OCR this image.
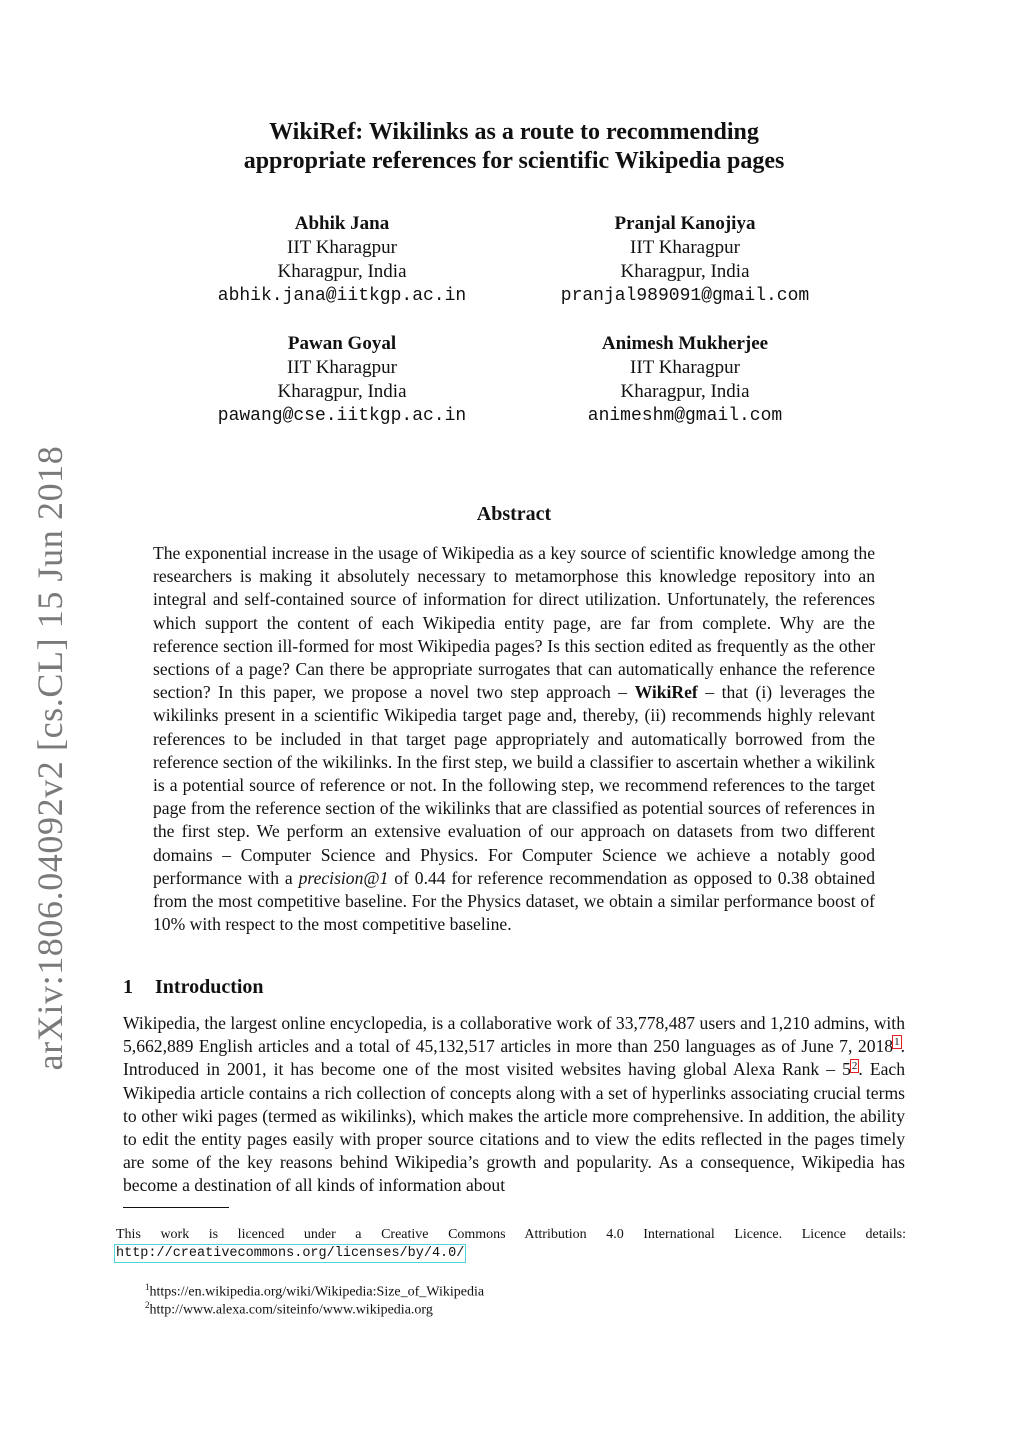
arXiv:1806.04092v2 [cs.CL] 15 Jun 2018
WikiRef: Wikilinks as a route to recommending
appropriate references for scientific Wikipedia pages
Abhik Jana
IIT Kharagpur
Kharagpur, India
abhik.jana@iitkgp.ac.in
Pranjal Kanojiya
IIT Kharagpur
Kharagpur, India
pranjal989091@gmail.com
Pawan Goyal
IIT Kharagpur
Kharagpur, India
pawang@cse.iitkgp.ac.in
Animesh Mukherjee
IIT Kharagpur
Kharagpur, India
animeshm@gmail.com
Abstract
The exponential increase in the usage of Wikipedia as a key source of scientific knowledge among the researchers is making it absolutely necessary to metamorphose this knowledge repository into an integral and self-contained source of information for direct utilization. Unfortunately, the references which support the content of each Wikipedia entity page, are far from complete. Why are the reference section ill-formed for most Wikipedia pages? Is this section edited as frequently as the other sections of a page? Can there be appropriate surrogates that can automatically enhance the reference section? In this paper, we propose a novel two step approach – WikiRef – that (i) leverages the wikilinks present in a scientific Wikipedia target page and, thereby, (ii) recommends highly relevant references to be included in that target page appropriately and automatically borrowed from the reference section of the wikilinks. In the first step, we build a classifier to ascertain whether a wikilink is a potential source of reference or not. In the following step, we recommend references to the target page from the reference section of the wikilinks that are classified as potential sources of references in the first step. We perform an extensive evaluation of our approach on datasets from two different domains – Computer Science and Physics. For Computer Science we achieve a notably good performance with a precision@1 of 0.44 for reference recommendation as opposed to 0.38 obtained from the most competitive baseline. For the Physics dataset, we obtain a similar performance boost of 10% with respect to the most competitive baseline.
1 Introduction
Wikipedia, the largest online encyclopedia, is a collaborative work of 33,778,487 users and 1,210 admins, with 5,662,889 English articles and a total of 45,132,517 articles in more than 250 languages as of June 7, 2018$^1$. Introduced in 2001, it has become one of the most visited websites having global Alexa Rank – 5$^2$. Each Wikipedia article contains a rich collection of concepts along with a set of hyperlinks associating crucial terms to other wiki pages (termed as wikilinks), which makes the article more comprehensive. In addition, the ability to edit the entity pages easily with proper source citations and to view the edits reflected in the pages timely are some of the key reasons behind Wikipedia’s growth and popularity. As a consequence, Wikipedia has become a destination of all kinds of information about
This work is licenced under a Creative Commons Attribution 4.0 International Licence. Licence details: http://creativecommons.org/licenses/by/4.0/
$^1$https://en.wikipedia.org/wiki/Wikipedia:Size_of_Wikipedia
$^2$http://www.alexa.com/siteinfo/www.wikipedia.org
